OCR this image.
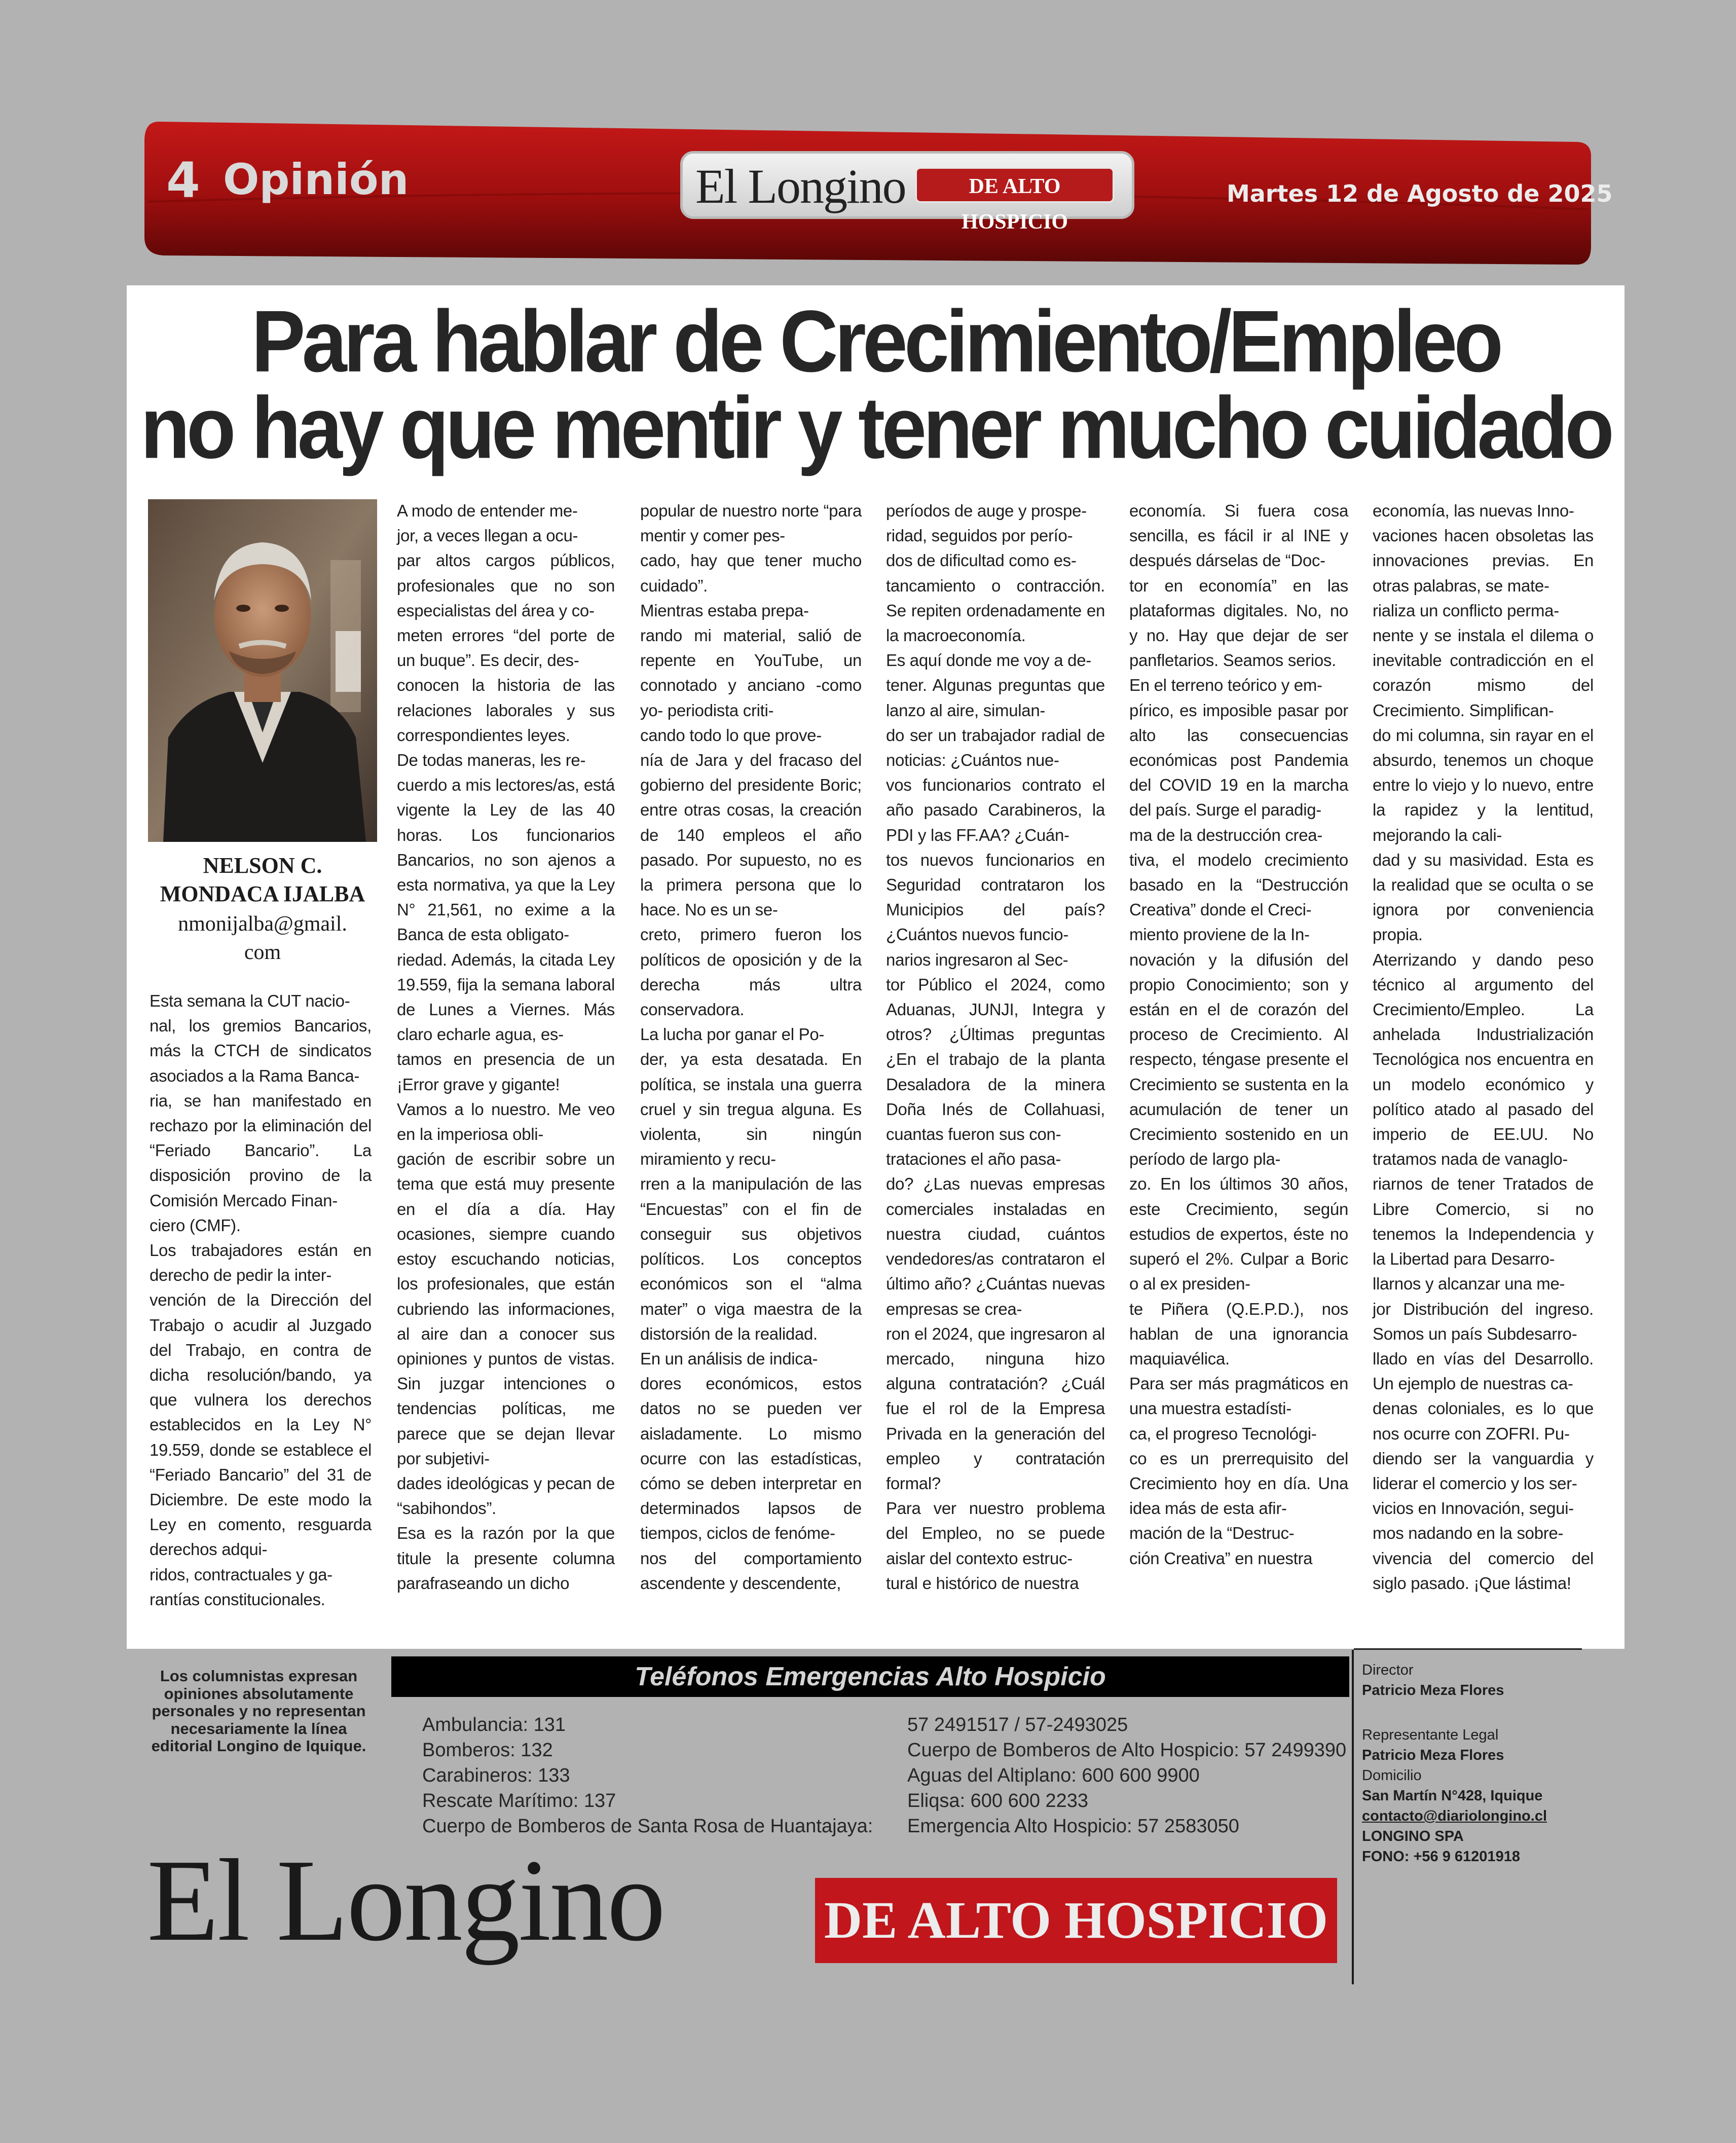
4 Opinión	El Longino	DE ALTO HOSPICIO
Martes 12 de Agosto de 2025
Para hablar de Crecimiento/Empleo
no hay que mentir y tener mucho cuidado
NELSON C.
MONDACA IJALBA
nmonijalba@gmail.
com
Esta semana la CUT nacio-
nal, los gremios Bancarios, más la CTCH de sindicatos asociados a la Rama Banca-
ria, se han manifestado en rechazo por la eliminación del “Feriado Bancario”. La disposición provino de la Comisión Mercado Finan-
ciero (CMF).
Los trabajadores están en derecho de pedir la inter-
vención de la Dirección del Trabajo o acudir al Juzgado del Trabajo, en contra de dicha resolución/bando, ya que vulnera los derechos establecidos en la Ley N° 19.559, donde se establece el “Feriado Bancario” del 31 de Diciembre. De este modo la Ley en comento, resguarda derechos adqui-
ridos, contractuales y ga-
rantías constitucionales.
A modo de entender me-
jor, a veces llegan a ocu-
par altos cargos públicos, profesionales que no son especialistas del área y co-
meten errores “del porte de un buque”. Es decir, des-
conocen la historia de las relaciones laborales y sus correspondientes leyes.
De todas maneras, les re-
cuerdo a mis lectores/as, está vigente la Ley de las 40 horas. Los funcionarios Bancarios, no son ajenos a esta normativa, ya que la Ley N° 21,561, no exime a la Banca de esta obligato-
riedad. Además, la citada Ley 19.559, fija la semana laboral de Lunes a Viernes. Más claro echarle agua, es-
tamos en presencia de un ¡Error grave y gigante!
Vamos a lo nuestro. Me veo en la imperiosa obli-
gación de escribir sobre un tema que está muy presente en el día a día. Hay ocasiones, siempre cuando estoy escuchando noticias, los profesionales, que están cubriendo las informaciones, al aire dan a conocer sus opiniones y puntos de vistas. Sin juzgar intenciones o tendencias políticas, me parece que se dejan llevar por subjetivi-
dades ideológicas y pecan de “sabihondos”.
Esa es la razón por la que titule la presente columna parafraseando un dicho
popular de nuestro norte “para mentir y comer pes-
cado, hay que tener mucho cuidado”.
Mientras estaba prepa-
rando mi material, salió de repente en YouTube, un connotado y anciano -como yo- periodista criti-
cando todo lo que prove-
nía de Jara y del fracaso del gobierno del presidente Boric; entre otras cosas, la creación de 140 empleos el año pasado. Por supuesto, no es la primera persona que lo hace. No es un se-
creto, primero fueron los políticos de oposición y de la derecha más ultra conservadora.
La lucha por ganar el Po-
der, ya esta desatada. En política, se instala una guerra cruel y sin tregua alguna. Es violenta, sin ningún miramiento y recu-
rren a la manipulación de las “Encuestas” con el fin de conseguir sus objetivos políticos. Los conceptos económicos son el “alma mater” o viga maestra de la distorsión de la realidad.
En un análisis de indica-
dores económicos, estos datos no se pueden ver aisladamente. Lo mismo ocurre con las estadísticas, cómo se deben interpretar en determinados lapsos de tiempos, ciclos de fenóme-
nos del comportamiento ascendente y descendente,
períodos de auge y prospe-
ridad, seguidos por perío-
dos de dificultad como es-
tancamiento o contracción. Se repiten ordenadamente en la macroeconomía.
Es aquí donde me voy a de-
tener. Algunas preguntas que lanzo al aire, simulan-
do ser un trabajador radial de noticias: ¿Cuántos nue-
vos funcionarios contrato el año pasado Carabineros, la PDI y las FF.AA? ¿Cuán-
tos nuevos funcionarios en Seguridad contrataron los Municipios del país? ¿Cuántos nuevos funcio-
narios ingresaron al Sec-
tor Público el 2024, como Aduanas, JUNJI, Integra y otros? ¿Últimas preguntas ¿En el trabajo de la planta Desaladora de la minera Doña Inés de Collahuasi, cuantas fueron sus con-
trataciones el año pasa-
do? ¿Las nuevas empresas comerciales instaladas en nuestra ciudad, cuántos vendedores/as contrataron el último año? ¿Cuántas nuevas empresas se crea-
ron el 2024, que ingresaron al mercado, ninguna hizo alguna contratación? ¿Cuál fue el rol de la Empresa Privada en la generación del empleo y contratación formal?
Para ver nuestro problema del Empleo, no se puede aislar del contexto estruc-
tural e histórico de nuestra
economía. Si fuera cosa sencilla, es fácil ir al INE y después dárselas de “Doc-
tor en economía” en las plataformas digitales. No, no y no. Hay que dejar de ser panfletarios. Seamos serios.
En el terreno teórico y em-
pírico, es imposible pasar por alto las consecuencias económicas post Pandemia del COVID 19 en la marcha del país. Surge el paradig-
ma de la destrucción crea-
tiva, el modelo crecimiento basado en la “Destrucción Creativa” donde el Creci-
miento proviene de la In-
novación y la difusión del propio Conocimiento; son y están en el de corazón del proceso de Crecimiento. Al respecto, téngase presente el Crecimiento se sustenta en la acumulación de tener un Crecimiento sostenido en un período de largo pla-
zo. En los últimos 30 años, este Crecimiento, según estudios de expertos, éste no superó el 2%. Culpar a Boric o al ex presiden-
te Piñera (Q.E.P.D.), nos hablan de una ignorancia maquiavélica.
Para ser más pragmáticos en una muestra estadísti-
ca, el progreso Tecnológi-
co es un prerrequisito del Crecimiento hoy en día. Una idea más de esta afir-
mación de la “Destruc-
ción Creativa” en nuestra
economía, las nuevas Inno-
vaciones hacen obsoletas las innovaciones previas. En otras palabras, se mate-
rializa un conflicto perma-
nente y se instala el dilema o inevitable contradicción en el corazón mismo del Crecimiento. Simplifican-
do mi columna, sin rayar en el absurdo, tenemos un choque entre lo viejo y lo nuevo, entre la rapidez y la lentitud, mejorando la cali-
dad y su masividad. Esta es la realidad que se oculta o se ignora por conveniencia propia.
Aterrizando y dando peso técnico al argumento del Crecimiento/Empleo. La anhelada Industrialización Tecnológica nos encuentra en un modelo económico y político atado al pasado del imperio de EE.UU. No tratamos nada de vanaglo-
riarnos de tener Tratados de Libre Comercio, si no tenemos la Independencia y la Libertad para Desarro-
llarnos y alcanzar una me-
jor Distribución del ingreso. Somos un país Subdesarro-
llado en vías del Desarrollo. Un ejemplo de nuestras ca-
denas coloniales, es lo que nos ocurre con ZOFRI. Pu-
diendo ser la vanguardia y liderar el comercio y los ser-
vicios en Innovación, segui-
mos nadando en la sobre-
vivencia del comercio del siglo pasado. ¡Que lástima!
Los columnistas expresan opiniones absolutamente personales y no representan necesariamente la línea editorial Longino de Iquique.
Teléfonos Emergencias Alto Hospicio
Ambulancia: 131
Bomberos: 132
Carabineros: 133
Rescate Marítimo: 137
Cuerpo de Bomberos de Santa Rosa de Huantajaya:
57 2491517 / 57-2493025
Cuerpo de Bomberos de Alto Hospicio: 57 2499390
Aguas del Altiplano: 600 600 9900
Eliqsa: 600 600 2233
Emergencia Alto Hospicio: 57 2583050
El Longino	DE ALTO HOSPICIO
Director
Patricio Meza Flores
Representante Legal
Patricio Meza Flores
Domicilio
San Martín N°428, Iquique
contacto@diariolongino.cl
LONGINO SPA
FONO: +56 9 61201918
